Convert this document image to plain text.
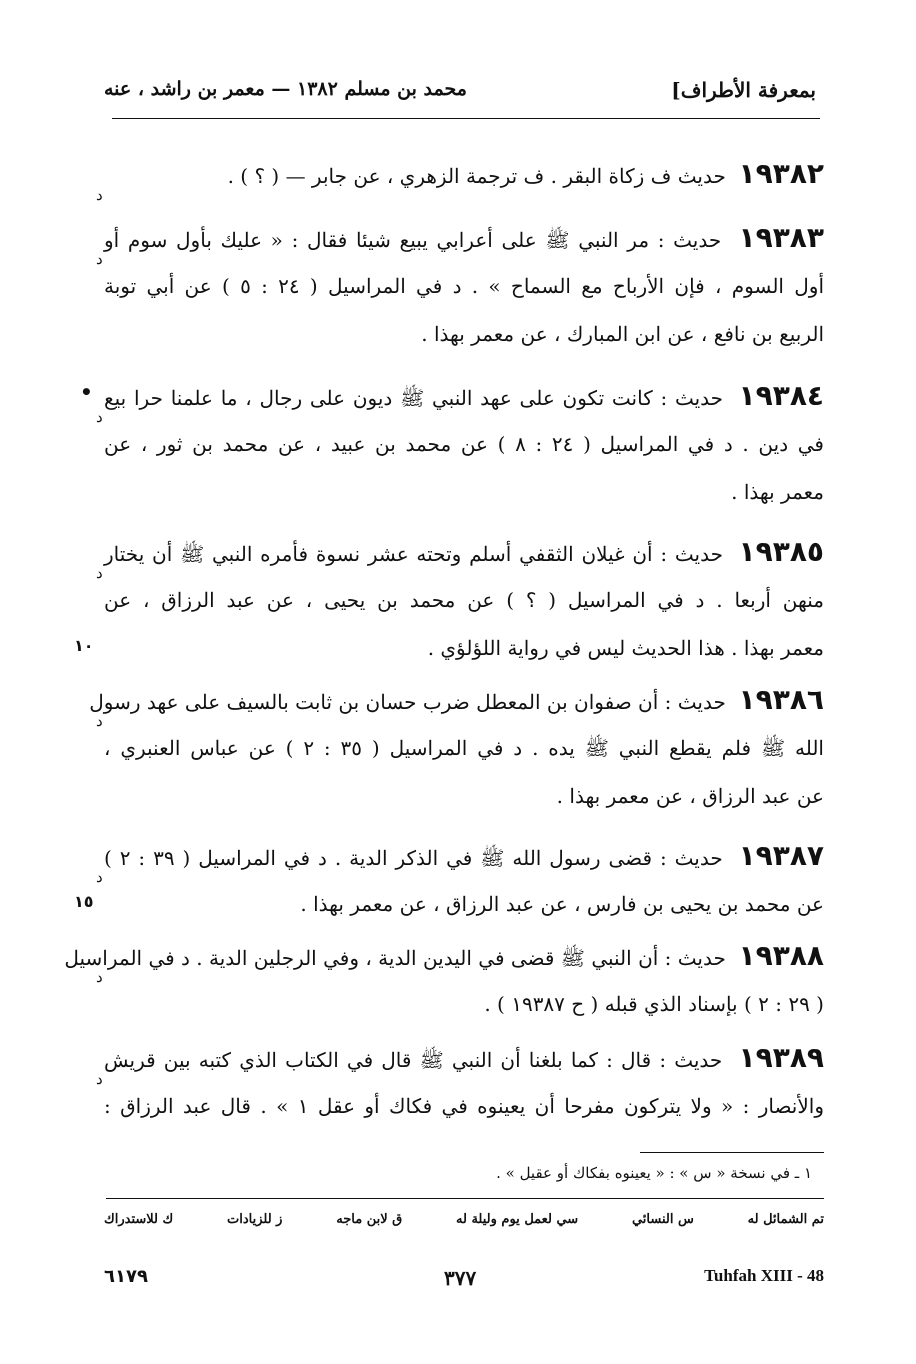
بمعرفة الأطراف]
محمد بن مسلم ١٣٨٢ — معمر بن راشد ، عنه
١٩٣٨٢  حديث ف زكاة البقر . ف ترجمة الزهري ، عن جابر — ( ؟ ) .
د
١٩٣٨٣  حديث : مر النبي ﷺ على أعرابي يبيع شيئا فقال : « عليك بأول سوم أو
أول السوم ، فإن الأرباح مع السماح » . د في المراسيل ( ٢٤ : ٥ ) عن أبي توبة
الربيع بن نافع ، عن ابن المبارك ، عن معمر بهذا .
د
١٩٣٨٤  حديث : كانت تكون على عهد النبي ﷺ ديون على رجال ، ما علمنا حرا بيع
في دين . د في المراسيل ( ٢٤ : ٨ ) عن محمد بن عبيد ، عن محمد بن ثور ، عن
معمر بهذا .
د
١٩٣٨٥  حديث : أن غيلان الثقفي أسلم وتحته عشر نسوة فأمره النبي ﷺ أن يختار
منهن أربعا . د في المراسيل ( ؟ ) عن محمد بن يحيى ، عن عبد الرزاق ، عن
معمر بهذا . هذا الحديث ليس في رواية اللؤلؤي .
د
١٩٣٨٦  حديث : أن صفوان بن المعطل ضرب حسان بن ثابت بالسيف على عهد رسول
الله ﷺ فلم يقطع النبي ﷺ يده . د في المراسيل ( ٣٥ : ٢ ) عن عباس العنبري ،
عن عبد الرزاق ، عن معمر بهذا .
د
١٩٣٨٧  حديث : قضى رسول الله ﷺ في الذكر الدية . د في المراسيل ( ٣٩ : ٢ )
عن محمد بن يحيى بن فارس ، عن عبد الرزاق ، عن معمر بهذا .
د
١٩٣٨٨  حديث : أن النبي ﷺ قضى في اليدين الدية ، وفي الرجلين الدية . د في المراسيل
( ٢٩ : ٢ ) بإسناد الذي قبله ( ح ١٩٣٨٧ ) .
د
١٩٣٨٩  حديث : قال : كما بلغنا أن النبي ﷺ قال في الكتاب الذي كتبه بين قريش
والأنصار : « ولا يتركون مفرحا أن يعينوه في فكاك أو عقل ١ » . قال عبد الرزاق :
د
•
١٠
١٥
١ ـ في نسخة « س » : « يعينوه بفكاك أو عقيل » .
تم الشمائل له
س النسائي
سي لعمل يوم وليلة له
ق لابن ماجه
ز للزيادات
ك للاستدراك
٦١٧٩	٣٧٧	Tuhfah XIII - 48
